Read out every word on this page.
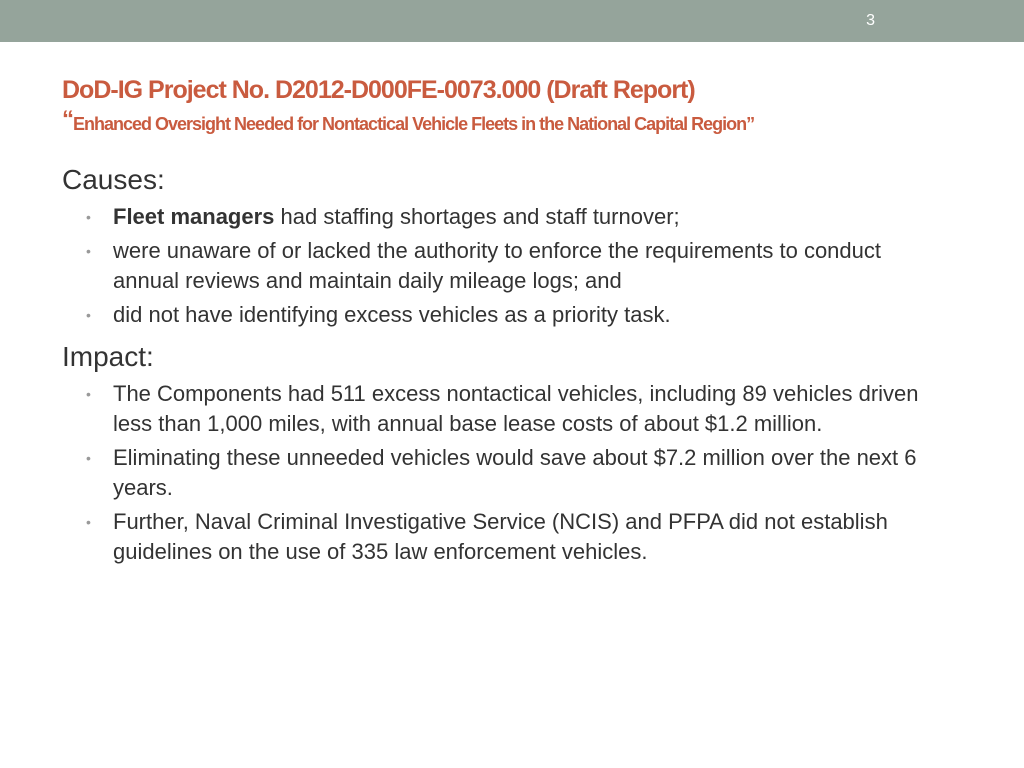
3
DoD-IG Project No. D2012-D000FE-0073.000 (Draft Report)
“Enhanced Oversight Needed for Nontactical Vehicle Fleets in the National Capital Region”
Causes:
• Fleet managers had staffing shortages and staff turnover;
• were unaware of or lacked the authority to enforce the requirements to conduct annual reviews and maintain daily mileage logs; and
• did not have identifying excess vehicles as a priority task.
Impact:
• The Components had 511 excess nontactical vehicles, including 89 vehicles driven less than 1,000 miles, with annual base lease costs of about $1.2 million.
• Eliminating these unneeded vehicles would save about $7.2 million over the next 6 years.
• Further, Naval Criminal Investigative Service (NCIS) and PFPA did not establish guidelines on the use of 335 law enforcement vehicles.
